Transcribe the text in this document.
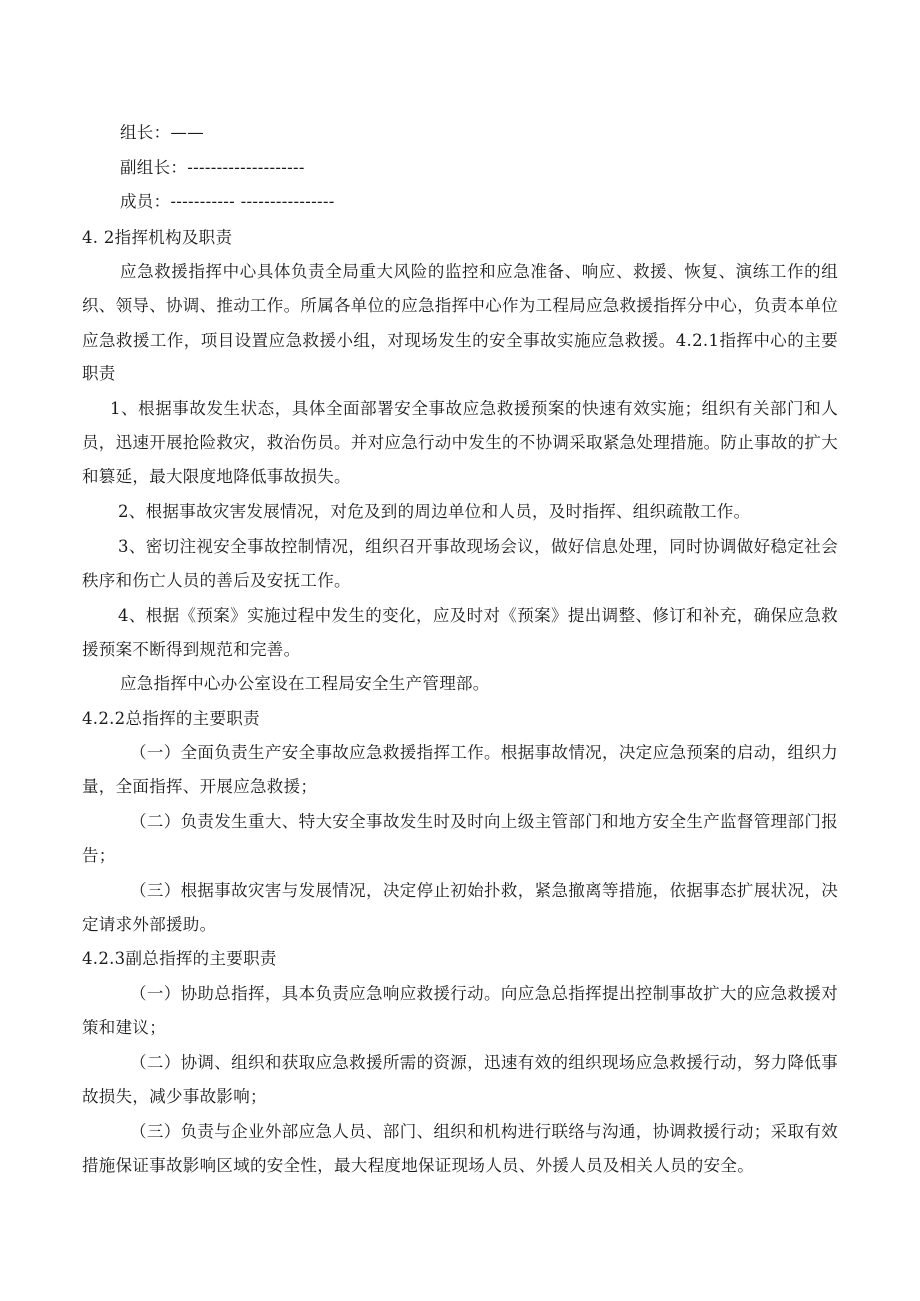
组长：——
副组长：--------------------
成员：----------- ----------------
4. 2指挥机构及职责
应急救援指挥中心具体负责全局重大风险的监控和应急准备、响应、救援、恢复、演练工作的组
织、领导、协调、推动工作。所属各单位的应急指挥中心作为工程局应急救援指挥分中心，负责本单位
应急救援工作，项目设置应急救援小组，对现场发生的安全事故实施应急救援。4.2.1指挥中心的主要
职责
1、根据事故发生状态，具体全面部署安全事故应急救援预案的快速有效实施；组织有关部门和人
员，迅速开展抢险救灾，救治伤员。并对应急行动中发生的不协调采取紧急处理措施。防止事故的扩大
和篡延，最大限度地降低事故损失。
2、根据事故灾害发展情况，对危及到的周边单位和人员，及时指挥、组织疏散工作。
3、密切注视安全事故控制情况，组织召开事故现场会议，做好信息处理，同时协调做好稳定社会
秩序和伤亡人员的善后及安抚工作。
4、根据《预案》实施过程中发生的变化，应及时对《预案》提出调整、修订和补充，确保应急救
援预案不断得到规范和完善。
应急指挥中心办公室设在工程局安全生产管理部。
4.2.2总指挥的主要职责
（一）全面负责生产安全事故应急救援指挥工作。根据事故情况，决定应急预案的启动，组织力
量，全面指挥、开展应急救援；
（二）负责发生重大、特大安全事故发生时及时向上级主管部门和地方安全生产监督管理部门报
告；
（三）根据事故灾害与发展情况，决定停止初始扑救，紧急撤离等措施，依据事态扩展状况，决
定请求外部援助。
4.2.3副总指挥的主要职责
（一）协助总指挥，具本负责应急响应救援行动。向应急总指挥提出控制事故扩大的应急救援对
策和建议；
（二）协调、组织和获取应急救援所需的资源，迅速有效的组织现场应急救援行动，努力降低事
故损失，减少事故影响；
（三）负责与企业外部应急人员、部门、组织和机构进行联络与沟通，协调救援行动；采取有效
措施保证事故影响区域的安全性，最大程度地保证现场人员、外援人员及相关人员的安全。
